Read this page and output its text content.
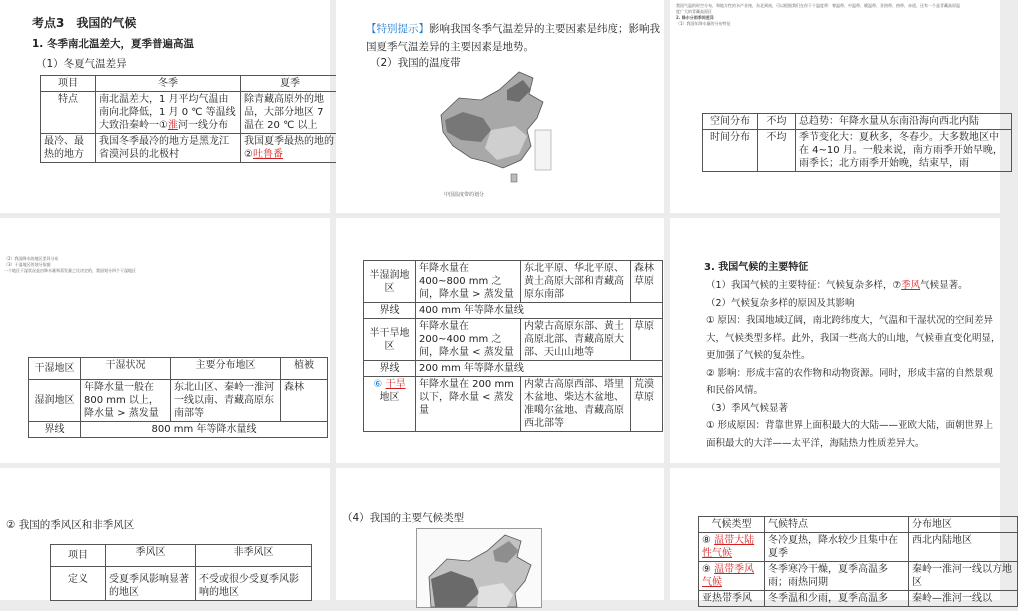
考点3　我国的气候
1. 冬季南北温差大，夏季普遍高温
（1）冬夏气温差异
项目	冬季	夏季
特点	南北温差大，1 月平均气温由南向北降低，1 月 0 ℃ 等温线大致沿秦岭一①淮河一线分布	除青藏高原外的地品，大部分地区 7 温在 20 ℃ 以上
最冷、最热的地方	我国冬季最冷的地方是黑龙江省漠河县的北极村	我国夏季最热的地的②吐鲁番
【特别提示】影响我国冬季气温差异的主要因素是纬度；影响我国夏季气温差异的主要因素是地势。
（2）我国的温度带
中国温度带的划分
我国气温的时空分布，和地方性的水产业统，东北到南，可以根据我们在你干个温度带：寒温带、中温带、暖温带、亚热带、热带、赤道、还有一个是青藏高原温
度广大的青藏高原区
2. 降水分雨季间差异
（1）我国年降水量的分布特征
空间分布	不均	总趋势：年降水量从东南沿海向西北内陆
时间分布	不均	季节变化大：夏秋多，冬春少。大多数地区中在 4~10 月。一般来说，南方雨季开始早晚，雨季长；北方雨季开始晚，结束早，雨
（2）我国降水的地区差异分布
（3）干湿地区的划分依据
一个地区干湿状况是由降水量和蒸发量之比决定的，我国划分四个干湿地区
干湿地区	干湿状况	主要分布地区	植被
湿润地区	年降水量一般在 800 mm 以上，降水量 > 蒸发量	东北山区、秦岭一淮河一线以南、青藏高原东南部等	森林
界线	800 mm 年等降水量线		
半湿润地区	年降水量在 400~800 mm 之间，降水量 > 蒸发量	东北平原、华北平原、黄土高原大部和青藏高原东南部	森林草原
界线	400 mm 年等降水量线		
半干旱地区	年降水量在 200~400 mm 之间，降水量 < 蒸发量	内蒙古高原东部、黄土高原北部、青藏高原大部、天山山地等	草原
界线	200 mm 年等降水量线		
⑥ 干旱
地区	年降水量在 200 mm 以下，降水量 < 蒸发量	内蒙古高原西部、塔里木盆地、柴达木盆地、准噶尔盆地、青藏高原西北部等	荒漠草原
3. 我国气候的主要特征
（1）我国气候的主要特征：气候复杂多样，⑦季风气候显著。
（2）气候复杂多样的原因及其影响
① 原因：我国地域辽阔，南北跨纬度大，气温和干湿状况的空间差异大，气候类型多样。此外，我国一些高大的山地，气候垂直变化明显，更加强了气候的复杂性。
② 影响：形成丰富的农作物和动物资源。同时，形成丰富的自然景观和民俗风情。
（3）季风气候显著
① 形成原因：背靠世界上面积最大的大陆——亚欧大陆，面朝世界上面积最大的大洋——太平洋，海陆热力性质差异大。
② 我国的季风区和非季风区
项目	季风区	非季风区
定义	受夏季风影响显著的地区	不受或很少受夏季风影响的地区
（4）我国的主要气候类型
气候类型	气候特点	分布地区
⑧ 温带大陆性气候	冬冷夏热，降水较少且集中在夏季	西北内陆地区
⑨ 温带季风气候	冬季寒冷干燥，夏季高温多雨；雨热同期	秦岭一淮河一线以方地区
亚热带季风	冬季温和少雨，夏季高温多	秦岭—淮河一线以
